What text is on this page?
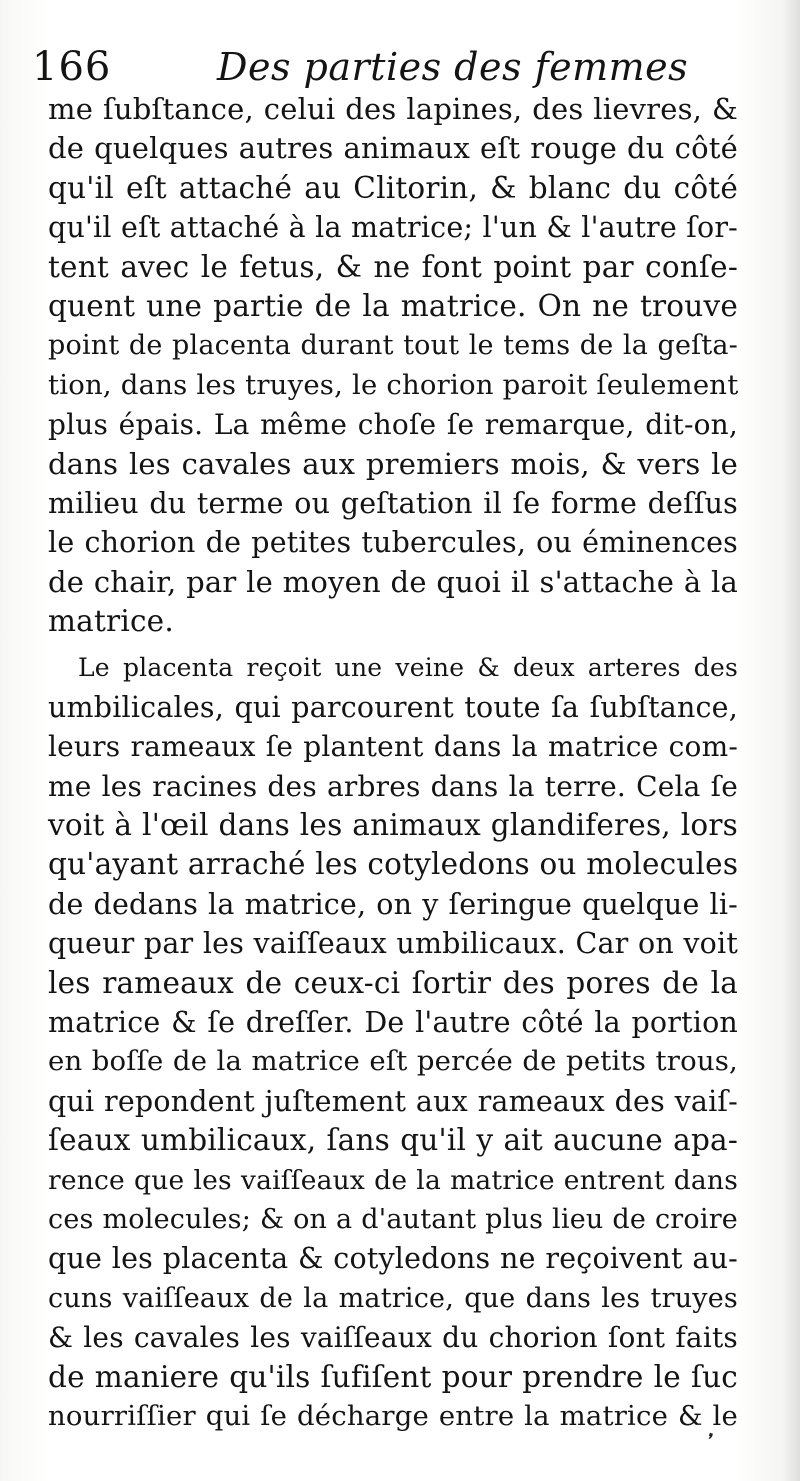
166	Des parties des femmes
me ſubſtance, celui des lapines, des lievres, &
de quelques autres animaux eſt rouge du côté
qu'il eſt attaché au Clitorin, & blanc du côté
qu'il eſt attaché à la matrice; l'un & l'autre ſor-
tent avec le fetus, & ne font point par conſe-
quent une partie de la matrice. On ne trouve
point de placenta durant tout le tems de la geſta-
tion, dans les truyes, le chorion paroit ſeulement
plus épais. La même choſe ſe remarque, dit-on,
dans les cavales aux premiers mois, & vers le
milieu du terme ou geſtation il ſe forme deſſus
le chorion de petites tubercules, ou éminences
de chair, par le moyen de quoi il s'attache à la
matrice.
Le placenta reçoit une veine & deux arteres des
umbilicales, qui parcourent toute ſa ſubſtance,
leurs rameaux ſe plantent dans la matrice com-
me les racines des arbres dans la terre. Cela ſe
voit à l'œil dans les animaux glandiferes, lors
qu'ayant arraché les cotyledons ou molecules
de dedans la matrice, on y ſeringue quelque li-
queur par les vaiſſeaux umbilicaux. Car on voit
les rameaux de ceux-ci ſortir des pores de la
matrice & ſe dreſſer. De l'autre côté la portion
en boſſe de la matrice eſt percée de petits trous,
qui repondent juſtement aux rameaux des vaiſ-
ſeaux umbilicaux, ſans qu'il y ait aucune apa-
rence que les vaiſſeaux de la matrice entrent dans
ces molecules; & on a d'autant plus lieu de croire
que les placenta & cotyledons ne reçoivent au-
cuns vaiſſeaux de la matrice, que dans les truyes
& les cavales les vaiſſeaux du chorion ſont faits
de maniere qu'ils ſufiſent pour prendre le ſuc
nourriſſier qui ſe décharge entre la matrice & le
❜
